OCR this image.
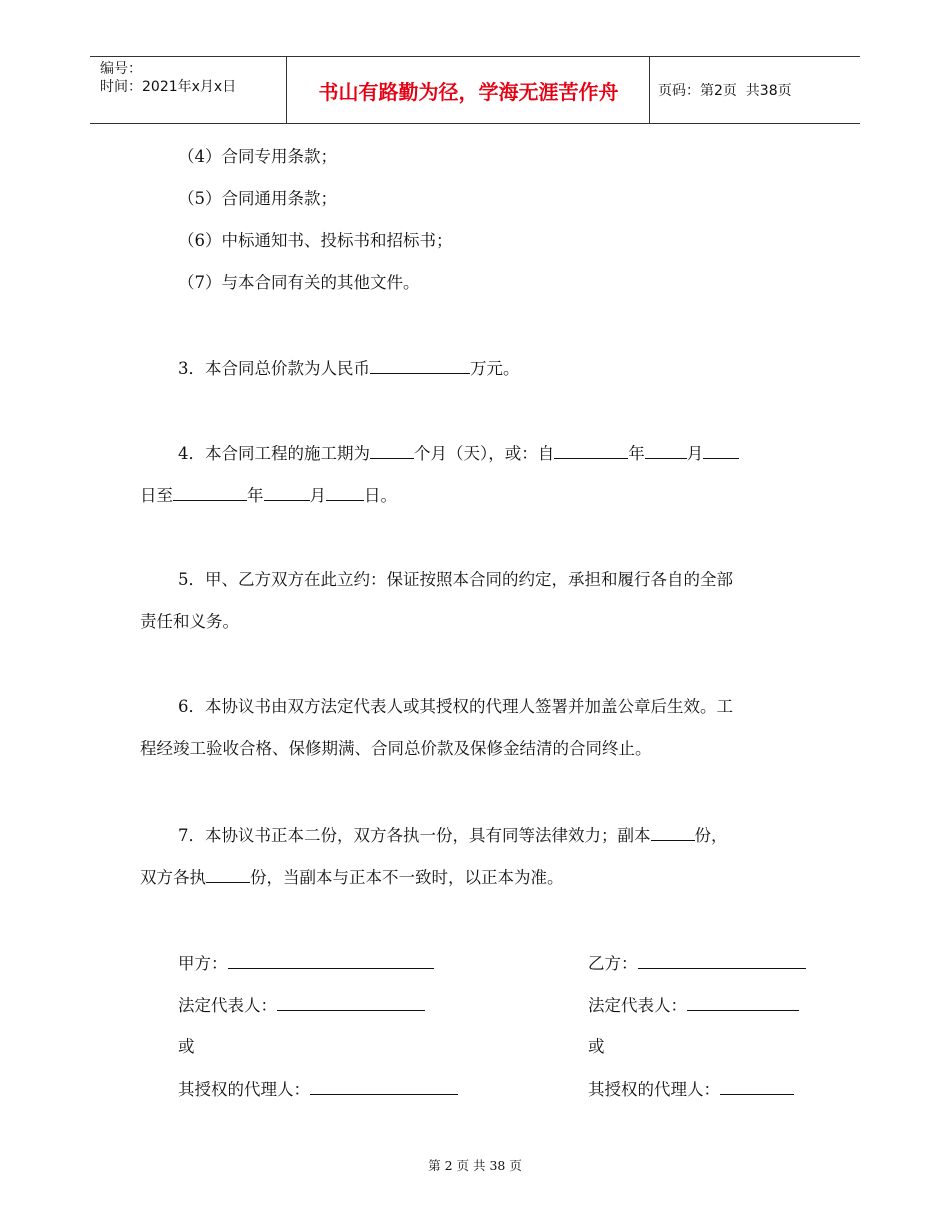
编号：
时间：2021年x月x日	书山有路勤为径，学海无涯苦作舟	页码：第2页  共38页
（4）合同专用条款；
（5）合同通用条款；
（6）中标通知书、投标书和招标书；
（7）与本合同有关的其他文件。
3．本合同总价款为人民币	万元。
4．本合同工程的施工期为	个月（天），或：自	年	月
日至	年	月 日。
5．甲、乙方双方在此立约：保证按照本合同的约定，承担和履行各自的全部
责任和义务。
6．本协议书由双方法定代表人或其授权的代理人签署并加盖公章后生效。工
程经竣工验收合格、保修期满、合同总价款及保修金结清的合同终止。
7．本协议书正本二份，双方各执一份，具有同等法律效力；副本	份，
双方各执	份，当副本与正本不一致时，以正本为准。
甲方：
法定代表人：
或
其授权的代理人：
乙方：
法定代表人：
或
其授权的代理人：
第 2 页 共 38 页
